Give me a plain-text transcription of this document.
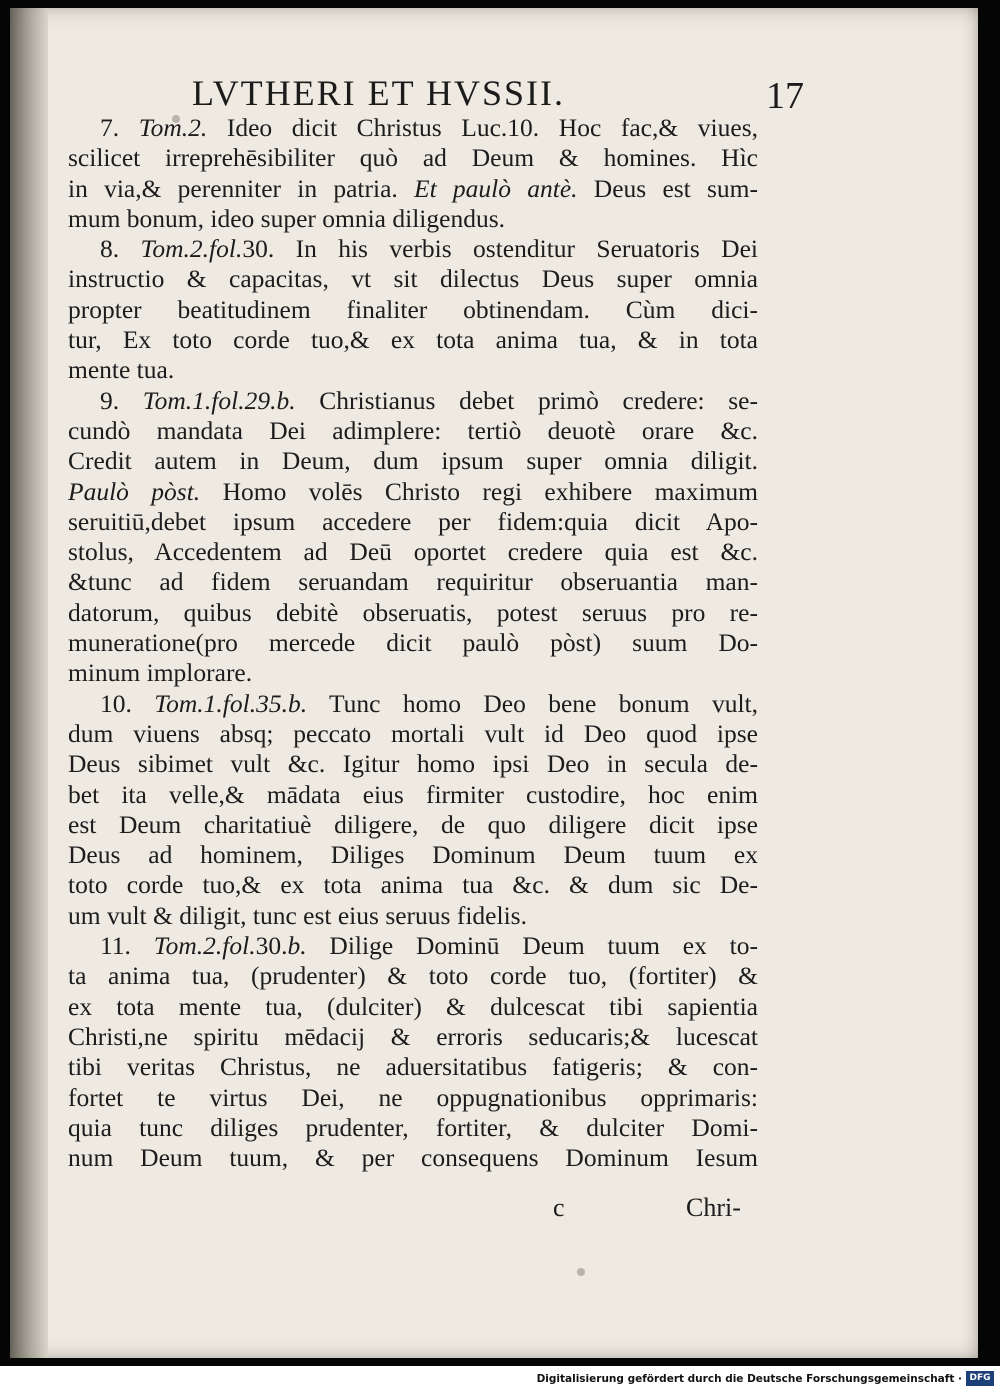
LVTHERI ET HVSSII.	17
7. Tom.2. Ideo dicit Christus Luc.10. Hoc fac,& viues,
scilicet irreprehēsibiliter quò ad Deum & homines. Hìc
in via,& perenniter in patria. Et paulò antè. Deus est sum-
mum bonum, ideo super omnia diligendus.
8. Tom.2.fol.30. In his verbis ostenditur Seruatoris Dei
instructio & capacitas, vt sit dilectus Deus super omnia
propter beatitudinem finaliter obtinendam. Cùm dici-
tur, Ex toto corde tuo,& ex tota anima tua, & in tota
mente tua.
9. Tom.1.fol.29.b. Christianus debet primò credere: se-
cundò mandata Dei adimplere: tertiò deuotè orare &c.
Credit autem in Deum, dum ipsum super omnia diligit.
Paulò pòst. Homo volēs Christo regi exhibere maximum
seruitiū,debet ipsum accedere per fidem:quia dicit Apo-
stolus, Accedentem ad Deū oportet credere quia est &c.
&tunc ad fidem seruandam requiritur obseruantia man-
datorum, quibus debitè obseruatis, potest seruus pro re-
muneratione(pro mercede dicit paulò pòst) suum Do-
minum implorare.
10. Tom.1.fol.35.b. Tunc homo Deo bene bonum vult,
dum viuens absq; peccato mortali vult id Deo quod ipse
Deus sibimet vult &c. Igitur homo ipsi Deo in secula de-
bet ita velle,& mādata eius firmiter custodire, hoc enim
est Deum charitatiuè diligere, de quo diligere dicit ipse
Deus ad hominem, Diliges Dominum Deum tuum ex
toto corde tuo,& ex tota anima tua &c. & dum sic De-
um vult & diligit, tunc est eius seruus fidelis.
11. Tom.2.fol.30.b. Dilige Dominū Deum tuum ex to-
ta anima tua, (prudenter) & toto corde tuo, (fortiter) &
ex tota mente tua, (dulciter) & dulcescat tibi sapientia
Christi,ne spiritu mēdacij & erroris seducaris;& lucescat
tibi veritas Christus, ne aduersitatibus fatigeris; & con-
fortet te virtus Dei, ne oppugnationibus opprimaris:
quia tunc diliges prudenter, fortiter, & dulciter Domi-
num Deum tuum, & per consequens Dominum Iesum
c	Chri-
Digitalisierung gefördert durch die Deutsche Forschungsgemeinschaft · DFG
